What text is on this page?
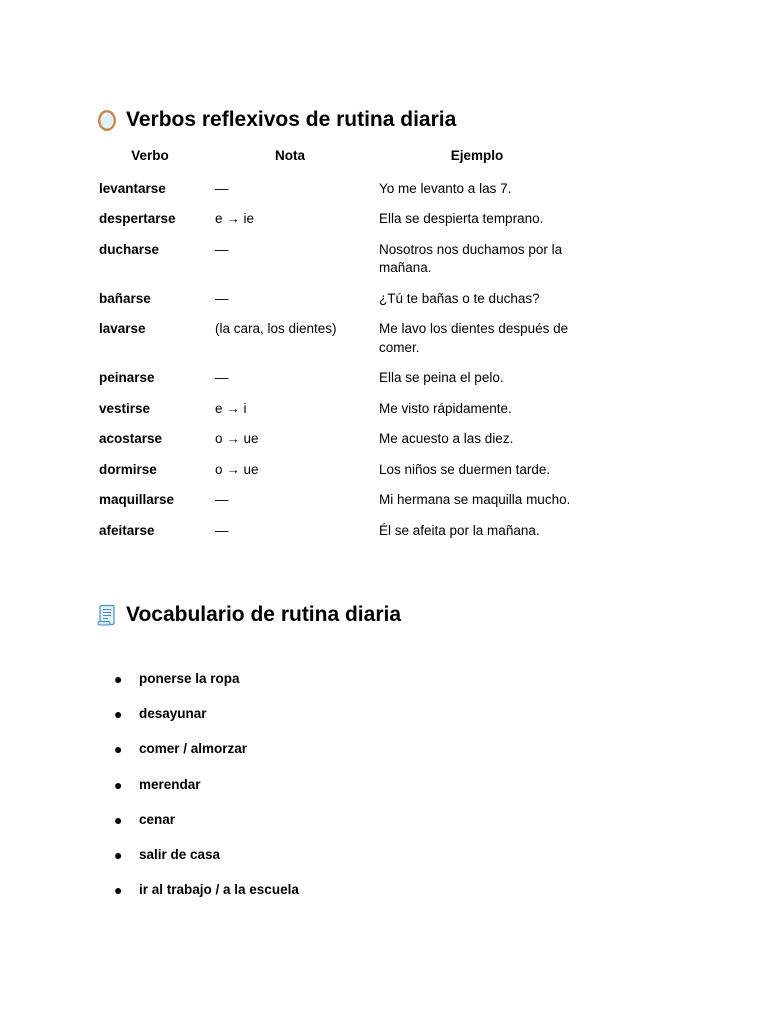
Verbos reflexivos de rutina diaria
Verbo	Nota	Ejemplo
levantarse	—	Yo me levanto a las 7.
despertarse	e → ie	Ella se despierta temprano.
ducharse	—	Nosotros nos duchamos por la mañana.
bañarse	—	¿Tú te bañas o te duchas?
lavarse	(la cara, los dientes)	Me lavo los dientes después de comer.
peinarse	—	Ella se peina el pelo.
vestirse	e → i	Me visto rápidamente.
acostarse	o → ue	Me acuesto a las diez.
dormirse	o → ue	Los niños se duermen tarde.
maquillarse	—	Mi hermana se maquilla mucho.
afeitarse	—	Él se afeita por la mañana.
Vocabulario de rutina diaria
●	ponerse la ropa
●	desayunar
●	comer / almorzar
●	merendar
●	cenar
●	salir de casa
●	ir al trabajo / a la escuela
